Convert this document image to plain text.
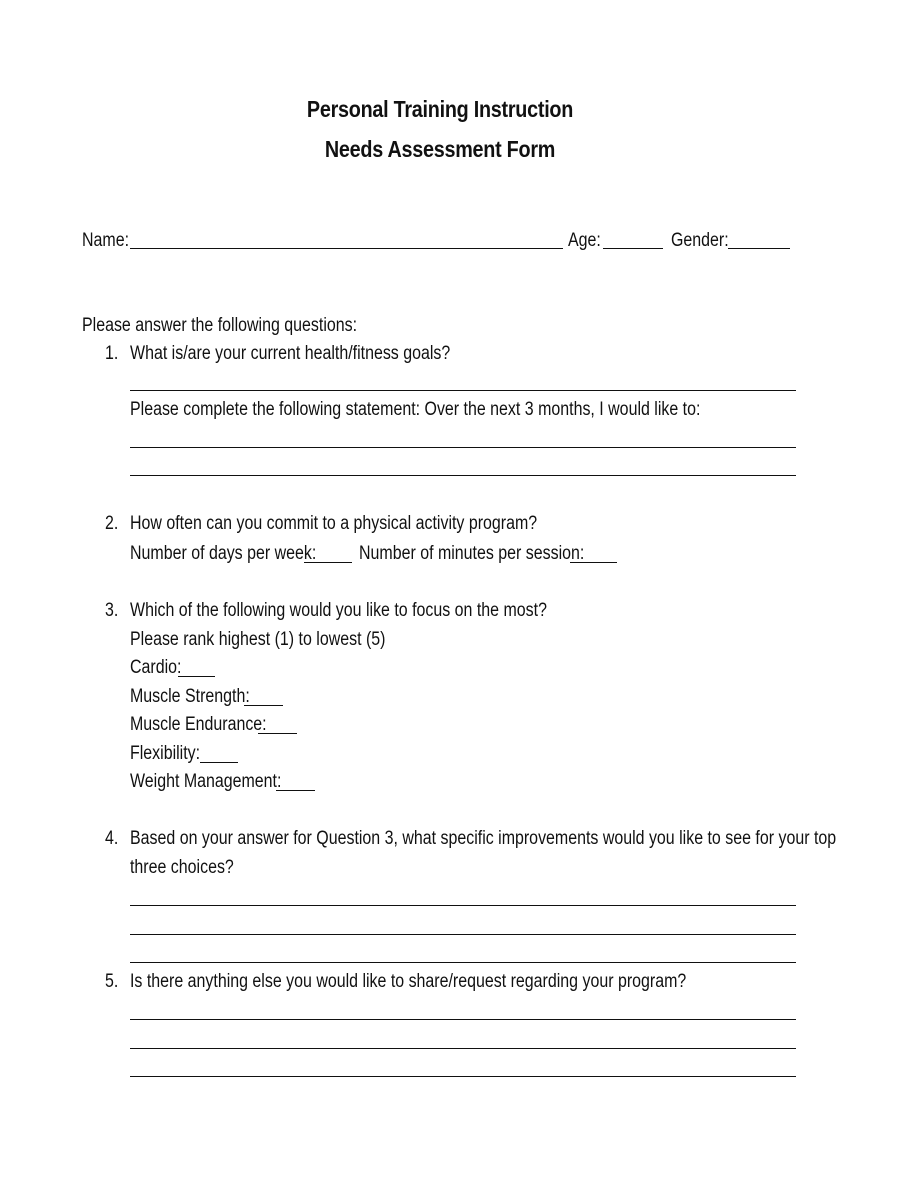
Personal Training Instruction
Needs Assessment Form
Name:	Age:	Gender:
Please answer the following questions:
1. What is/are your current health/fitness goals?
Please complete the following statement: Over the next 3 months, I would like to:
2. How often can you commit to a physical activity program?
Number of days per week: Number of minutes per session:
3. Which of the following would you like to focus on the most?
Please rank highest (1) to lowest (5)
Cardio:
Muscle Strength:
Muscle Endurance:
Flexibility:
Weight Management:
4. Based on your answer for Question 3, what specific improvements would you like to see for your top
three choices?
5. Is there anything else you would like to share/request regarding your program?
